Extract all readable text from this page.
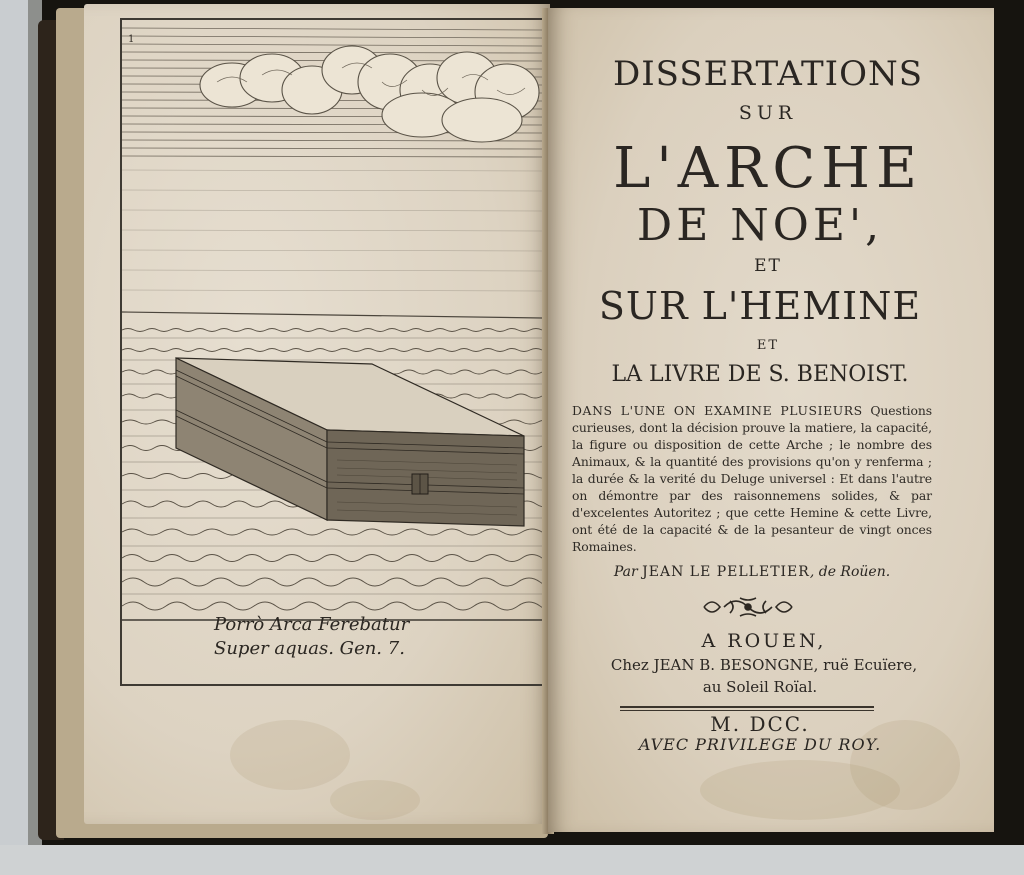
1
Porrò Arca Ferebatur
Super aquas. Gen. 7.

DISSERTATIONS
SUR
L'ARCHE
DE NOE',
ET
SUR L'HEMINE
ET
LA LIVRE DE S. BENOIST.
DANS L'UNE ON EXAMINE PLUSIEURS Questions curieuses, dont la décision prouve la matiere, la capacité, la figure ou disposition de cette Arche ; le nombre des Animaux, & la quantité des provisions qu'on y renferma ; la durée & la verité du Deluge universel : Et dans l'autre on démontre par des raisonnemens solides, & par d'excelentes Autoritez ; que cette Hemine & cette Livre, ont été de la capacité & de la pesanteur de vingt onces Romaines.
Par JEAN LE PELLETIER, de Roüen.
A ROUEN,
Chez JEAN B. BESONGNE, ruë Ecuïere,
au Soleil Roïal.
M. DCC.
AVEC PRIVILEGE DU ROY.
